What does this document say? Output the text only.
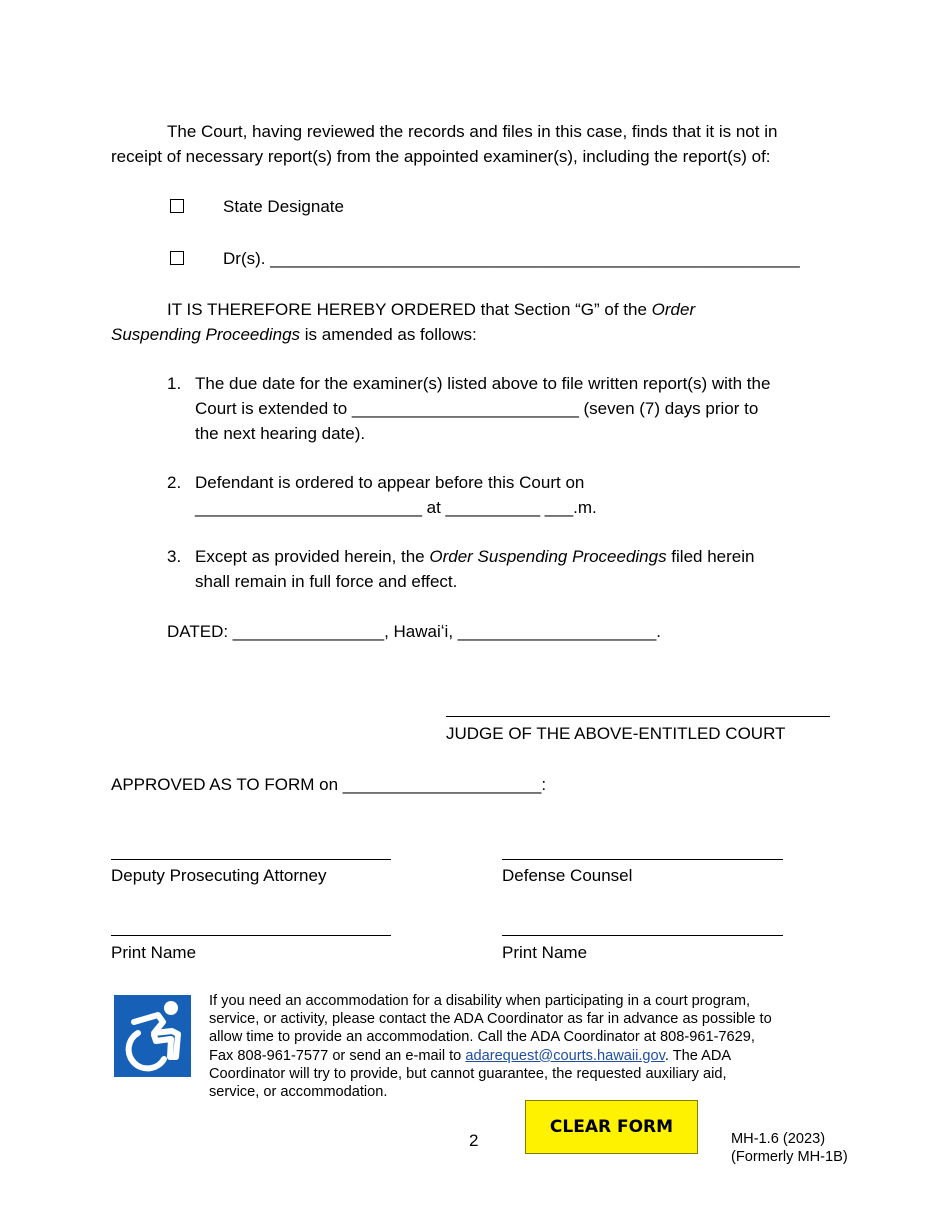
The Court, having reviewed the records and files in this case, finds that it is not in
receipt of necessary report(s) from the appointed examiner(s), including the report(s) of:
State Designate
Dr(s). ________________________________________________________
IT IS THEREFORE HEREBY ORDERED that Section “G” of the Order
Suspending Proceedings is amended as follows:
1. The due date for the examiner(s) listed above to file written report(s) with the
Court is extended to ________________________ (seven (7) days prior to
the next hearing date).
2. Defendant is ordered to appear before this Court on
________________________ at __________ ___.m.
3. Except as provided herein, the Order Suspending Proceedings filed herein
shall remain in full force and effect.
DATED: ________________, Hawaiʻi, _____________________.
JUDGE OF THE ABOVE-ENTITLED COURT
APPROVED AS TO FORM on _____________________:
Deputy Prosecuting Attorney	Defense Counsel
Print Name	Print Name
If you need an accommodation for a disability when participating in a court program,
service, or activity, please contact the ADA Coordinator as far in advance as possible to
allow time to provide an accommodation. Call the ADA Coordinator at 808-961-7629,
Fax 808-961-7577 or send an e-mail to adarequest@courts.hawaii.gov. The ADA
Coordinator will try to provide, but cannot guarantee, the requested auxiliary aid,
service, or accommodation.
2
CLEAR FORM
MH-1.6 (2023)
(Formerly MH-1B)
